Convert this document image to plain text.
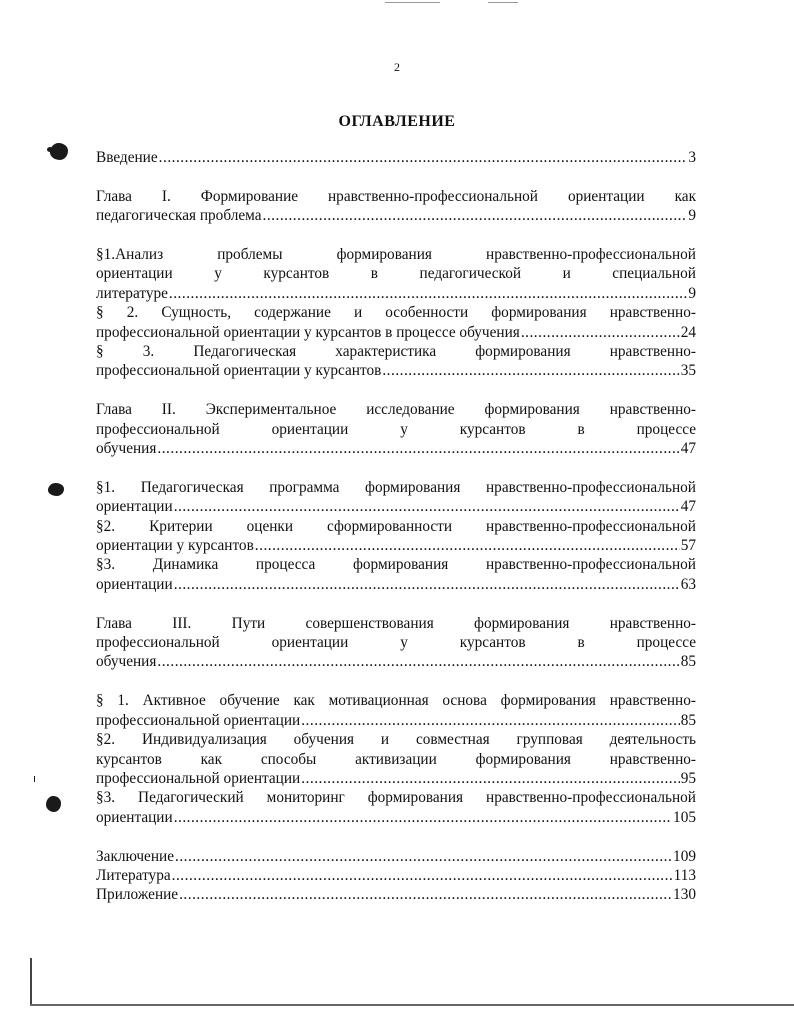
2
ОГЛАВЛЕНИЕ
Введение .....	3
Глава I. Формирование нравственно-профессиональной ориентации как
педагогическая проблема .....	9
§1.Анализ проблемы формирования нравственно-профессиональной
ориентации у курсантов в педагогической и специальной
литературе .....	9
§ 2. Сущность, содержание и особенности формирования нравственно-
профессиональной ориентации у курсантов в процессе обучения .....	24
§ 3. Педагогическая характеристика формирования нравственно-
профессиональной ориентации у курсантов .....	35
Глава II. Экспериментальное исследование формирования нравственно-
профессиональной ориентации у курсантов в процессе
обучения .....	47
§1. Педагогическая программа формирования нравственно-профессиональной
ориентации .....	47
§2. Критерии оценки сформированности нравственно-профессиональной
ориентации у курсантов .....	57
§3. Динамика процесса формирования нравственно-профессиональной
ориентации .....	63
Глава III. Пути совершенствования формирования нравственно-
профессиональной ориентации у курсантов в процессе
обучения .....	85
§ 1. Активное обучение как мотивационная основа формирования нравственно-
профессиональной ориентации .....	85
§2. Индивидуализация обучения и совместная групповая деятельность
курсантов как способы активизации формирования нравственно-
профессиональной ориентации .....	95
§3. Педагогический мониторинг формирования нравственно-профессиональной
ориентации .....	105
Заключение .....	109
Литература .....	113
Приложение .....	130
